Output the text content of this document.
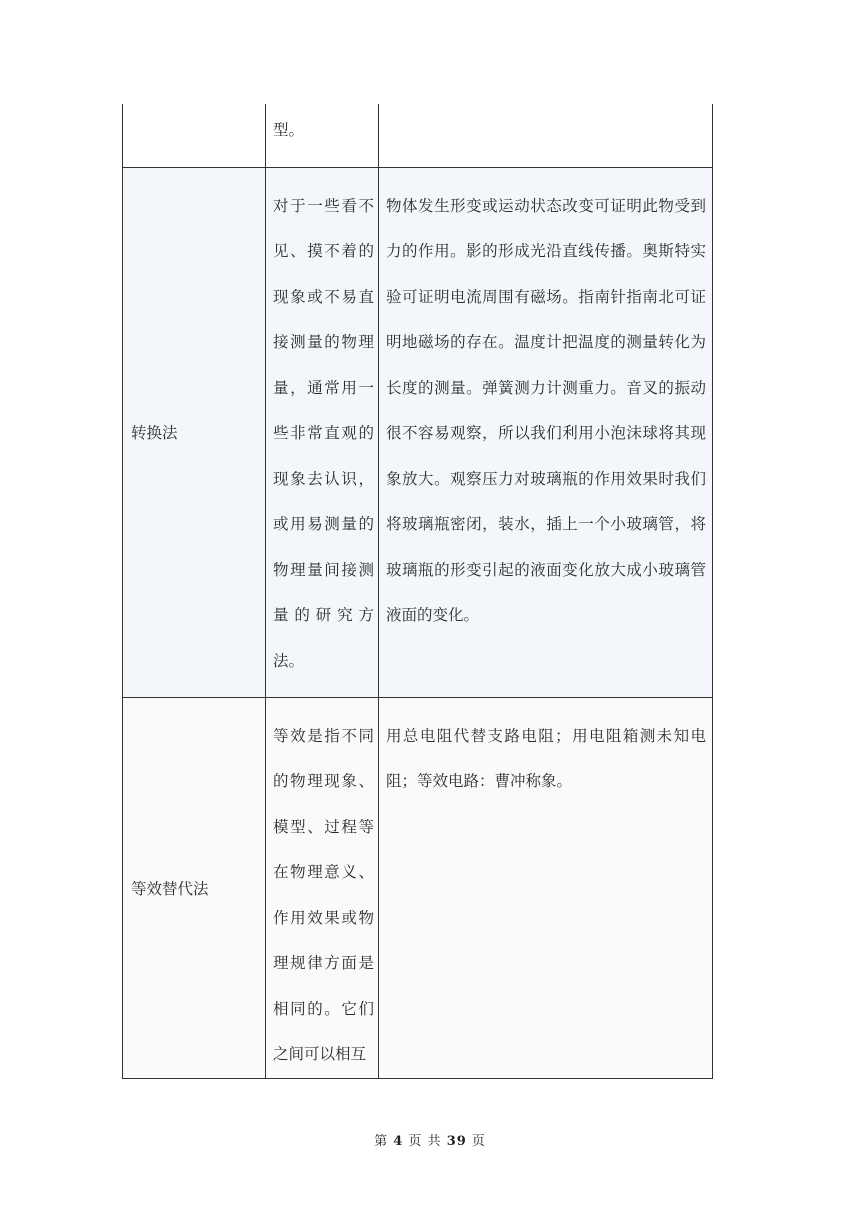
	型。	
转换法	对于一些看不见、摸不着的现象或不易直接测量的物理量，通常用一些非常直观的现象去认识，或用易测量的物理量间接测量的研究方法。	物体发生形变或运动状态改变可证明此物受到力的作用。影的形成光沿直线传播。奥斯特实验可证明电流周围有磁场。指南针指南北可证明地磁场的存在。温度计把温度的测量转化为长度的测量。弹簧测力计测重力。音叉的振动很不容易观察，所以我们利用小泡沫球将其现象放大。观察压力对玻璃瓶的作用效果时我们将玻璃瓶密闭，装水，插上一个小玻璃管，将玻璃瓶的形变引起的液面变化放大成小玻璃管液面的变化。
等效替代法	等效是指不同的物理现象、模型、过程等在物理意义、作用效果或物理规律方面是相同的。它们之间可以相互	用总电阻代替支路电阻；用电阻箱测未知电阻；等效电路：曹冲称象。
第 4 页 共 39 页
